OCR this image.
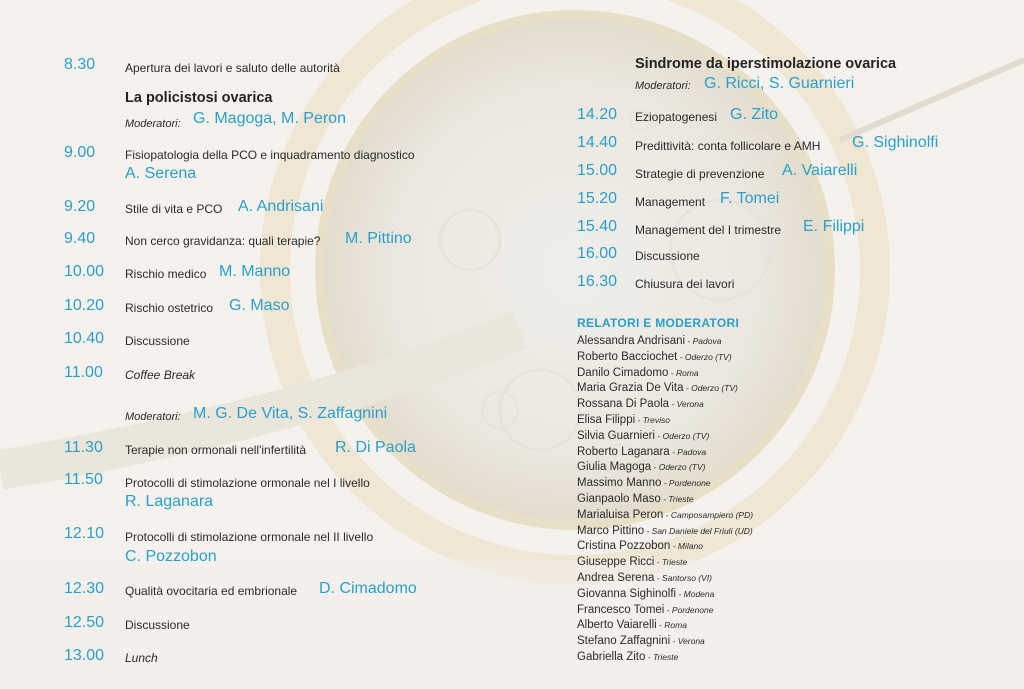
8.30	Apertura dei lavori e saluto delle autorità
La policistosi ovarica
Moderatori: G. Magoga, M. Peron
9.00	Fisiopatologia della PCO e inquadramento diagnostico
A. Serena
9.20	Stile di vita e PCO A. Andrisani
9.40	Non cerco gravidanza: quali terapie? M. Pittino
10.00	Rischio medico M. Manno
10.20	Rischio ostetrico G. Maso
10.40	Discussione
11.00	Coffee Break
Moderatori: M. G. De Vita, S. Zaffagnini
11.30	Terapie non ormonali nell'infertilità R. Di Paola
11.50	Protocolli di stimolazione ormonale nel I livello
R. Laganara
12.10	Protocolli di stimolazione ormonale nel II livello
C. Pozzobon
12.30	Qualità ovocitaria ed embrionale D. Cimadomo
12.50	Discussione
13.00	Lunch
Sindrome da iperstimolazione ovarica
Moderatori: G. Ricci, S. Guarnieri
14.20	Eziopatogenesi G. Zito
14.40	Predittività: conta follicolare e AMH G. Sighinolfi
15.00	Strategie di prevenzione A. Vaiarelli
15.20	Management F. Tomei
15.40	Management del I trimestre E. Filippi
16.00	Discussione
16.30	Chiusura dei lavori
RELATORI E MODERATORI
Alessandra Andrisani - Padova
Roberto Bacciochet - Oderzo (TV)
Danilo Cimadomo - Roma
Maria Grazia De Vita - Oderzo (TV)
Rossana Di Paola - Verona
Elisa Filippi - Treviso
Silvia Guarnieri - Oderzo (TV)
Roberto Laganara - Padova
Giulia Magoga - Oderzo (TV)
Massimo Manno - Pordenone
Gianpaolo Maso - Trieste
Marialuisa Peron - Camposampiero (PD)
Marco Pittino - San Daniele del Friuli (UD)
Cristina Pozzobon - Milano
Giuseppe Ricci - Trieste
Andrea Serena - Santorso (VI)
Giovanna Sighinolfi - Modena
Francesco Tomei - Pordenone
Alberto Vaiarelli - Roma
Stefano Zaffagnini - Verona
Gabriella Zito - Trieste
